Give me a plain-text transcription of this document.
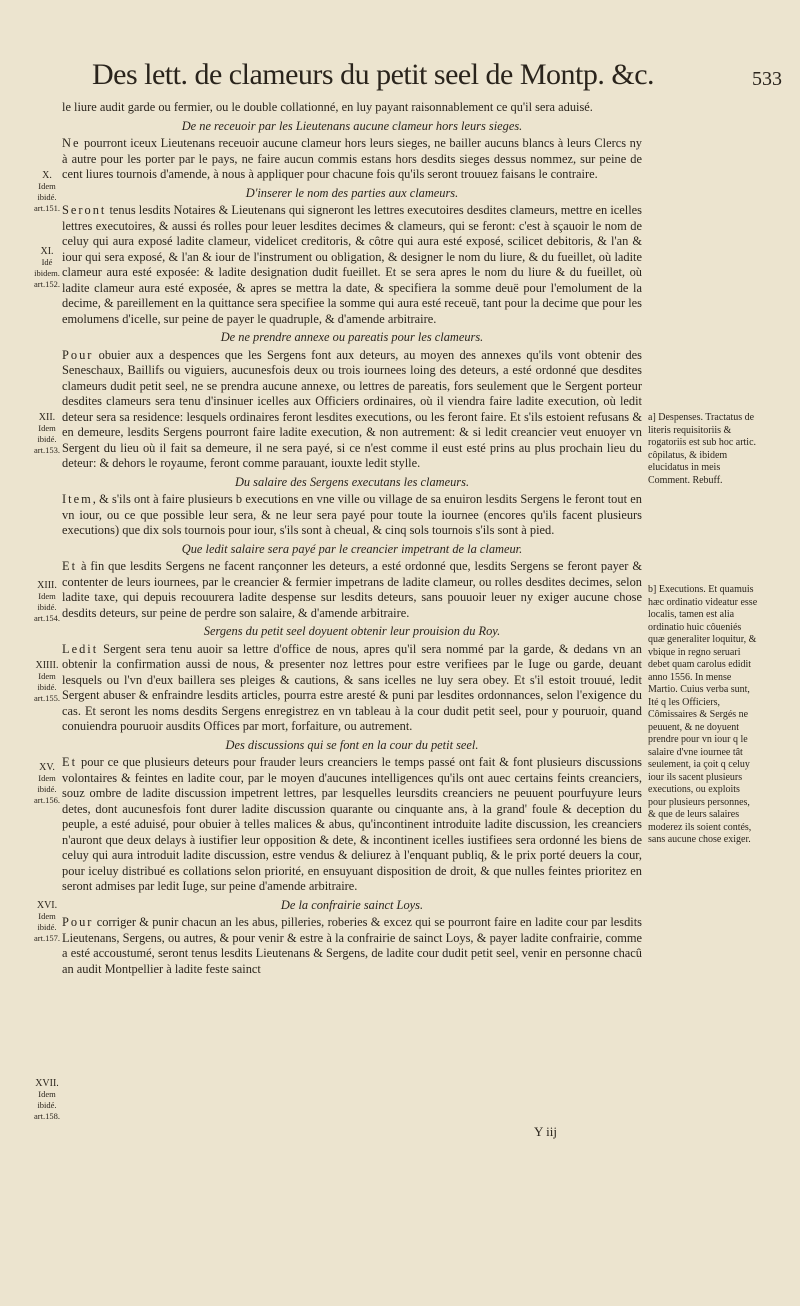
Des lett. de clameurs du petit seel de Montp. &c.	533

le liure audit garde ou fermier, ou le double collationné, en luy payant raisonnablement ce qu'il sera aduisé.

De ne receuoir par les Lieutenans aucune clameur hors leurs sieges.

Ne pourront iceux Lieutenans receuoir aucune clameur hors leurs sieges, ne bailler aucuns blancs à leurs Clercs ny à autre pour les porter par le pays, ne faire aucun commis estans hors desdits sieges dessus nommez, sur peine de cent liures tournois d'amende, à nous à appliquer pour chacune fois qu'ils seront trouuez faisans le contraire.

D'inserer le nom des parties aux clameurs.

Seront tenus lesdits Notaires & Lieutenans qui signeront les lettres executoires desdites clameurs, mettre en icelles lettres executoires, & aussi és rolles pour leuer lesdites decimes & clameurs, qui se feront: c'est à sçauoir le nom de celuy qui aura exposé ladite clameur, videlicet creditoris, & côtre qui aura esté exposé, scilicet debitoris, & l'an & iour qui sera exposé, & l'an & iour de l'instrument ou obligation, & designer le nom du liure, & du fueillet, où ladite clameur aura esté exposée: & ladite designation dudit fueillet. Et se sera apres le nom du liure & du fueillet, où ladite clameur aura esté exposée, & apres se mettra la date, & specifiera la somme deuë pour l'emolument de la decime, & pareillement en la quittance sera specifiee la somme qui aura esté receuë, tant pour la decime que pour les emolumens d'icelle, sur peine de payer le quadruple, & d'amende arbitraire.

De ne prendre annexe ou pareatis pour les clameurs.

Pour obuier aux a despences que les Sergens font aux deteurs, au moyen des annexes qu'ils vont obtenir des Seneschaux, Baillifs ou viguiers, aucunesfois deux ou trois iournees loing des deteurs, a esté ordonné que desdites clameurs dudit petit seel, ne se prendra aucune annexe, ou lettres de pareatis, fors seulement que le Sergent porteur desdites clameurs sera tenu d'insinuer icelles aux Officiers ordinaires, où il viendra faire ladite execution, où ledit deteur sera sa residence: lesquels ordinaires feront lesdites executions, ou les feront faire. Et s'ils estoient refusans & en demeure, lesdits Sergens pourront faire ladite execution, & non autrement: & si ledit creancier veut enuoyer vn Sergent du lieu où il fait sa demeure, il ne sera payé, si ce n'est comme il eust esté prins au plus prochain lieu du deteur: & dehors le royaume, feront comme parauant, iouxte ledit stylle.

Du salaire des Sergens executans les clameurs.

Item, & s'ils ont à faire plusieurs b executions en vne ville ou village de sa enuiron lesdits Sergens le feront tout en vn iour, ou ce que possible leur sera, & ne leur sera payé pour toute la iournee (encores qu'ils facent plusieurs executions) que dix sols tournois pour iour, s'ils sont à cheual, & cinq sols tournois s'ils sont à pied.

Que ledit salaire sera payé par le creancier impetrant de la clameur.

Et à fin que lesdits Sergens ne facent rançonner les deteurs, a esté ordonné que, lesdits Sergens se feront payer & contenter de leurs iournees, par le creancier & fermier impetrans de ladite clameur, ou rolles desdites decimes, selon ladite taxe, qui depuis recouurera ladite despense sur lesdits deteurs, sans pouuoir leuer ny exiger aucune chose desdits deteurs, sur peine de perdre son salaire, & d'amende arbitraire.

Sergens du petit seel doyuent obtenir leur prouision du Roy.

Ledit Sergent sera tenu auoir sa lettre d'office de nous, apres qu'il sera nommé par la garde, & dedans vn an obtenir la confirmation aussi de nous, & presenter noz lettres pour estre verifiees par le Iuge ou garde, deuant lesquels ou l'vn d'eux baillera ses pleiges & cautions, & sans icelles ne luy sera obey. Et s'il estoit trouué, ledit Sergent abuser & enfraindre lesdits articles, pourra estre aresté & puni par lesdites ordonnances, selon l'exigence du cas. Et seront les noms desdits Sergens enregistrez en vn tableau à la cour dudit petit seel, pour y pouruoir, quand conuiendra pouruoir ausdits Offices par mort, forfaiture, ou autrement.

Des discussions qui se font en la cour du petit seel.

Et pour ce que plusieurs deteurs pour frauder leurs creanciers le temps passé ont fait & font plusieurs discussions volontaires & feintes en ladite cour, par le moyen d'aucunes intelligences qu'ils ont auec certains feints creanciers, souz ombre de ladite discussion impetrent lettres, par lesquelles leursdits creanciers ne peuuent pourfuyure leurs detes, dont aucunesfois font durer ladite discussion quarante ou cinquante ans, à la grand' foule & deception du peuple, a esté aduisé, pour obuier à telles malices & abus, qu'incontinent introduite ladite discussion, les creanciers n'auront que deux delays à iustifier leur opposition & dete, & incontinent icelles iustifiees sera ordonné les biens de celuy qui aura introduit ladite discussion, estre vendus & deliurez à l'enquant publiq, & le prix porté deuers la cour, pour iceluy distribué es collations selon priorité, en ensuyuant disposition de droit, & que nulles feintes prioritez en seront admises par ledit Iuge, sur peine d'amende arbitraire.

De la confrairie sainct Loys.

Pour corriger & punir chacun an les abus, pilleries, roberies & excez qui se pourront faire en ladite cour par lesdits Lieutenans, Sergens, ou autres, & pour venir & estre à la confrairie de sainct Loys, & payer ladite confrairie, comme a esté accoustumé, seront tenus lesdits Lieutenans & Sergens, de ladite cour dudit petit seel, venir en personne chacû an audit Montpellier à ladite feste sainct

X.
Idem ibidé.
art.151.
XI.
Idé ibidem.
art.152.
XII.
Idem ibidé.
art.153.
XIII.
Idem ibidé.
art.154.
XIIII.
Idem ibidé.
art.155.
XV.
Idem ibidé.
art.156.
XVI.
Idem ibidé.
art.157.
XVII.
Idem ibidé.
art.158.
a] Despenses. Tractatus de literis requisitoriis & rogatoriis est sub hoc artic. côpilatus, & ibidem elucidatus in meis Comment. Rebuff.
b] Executions. Et quamuis hæc ordinatio videatur esse localis, tamen est alia ordinatio huic côueniés quæ generaliter loquitur, & vbique in regno seruari debet quam carolus edidit anno 1556. In mense Martio. Cuius verba sunt, Ité q les Officiers, Cômissaires & Sergés ne peuuent, & ne doyuent prendre pour vn iour q le salaire d'vne iournee tât seulement, ia çoit q celuy iour ils sacent plusieurs executions, ou exploits pour plusieurs personnes, & que de leurs salaires moderez ils soient contés, sans aucune chose exiger.
Y iij
